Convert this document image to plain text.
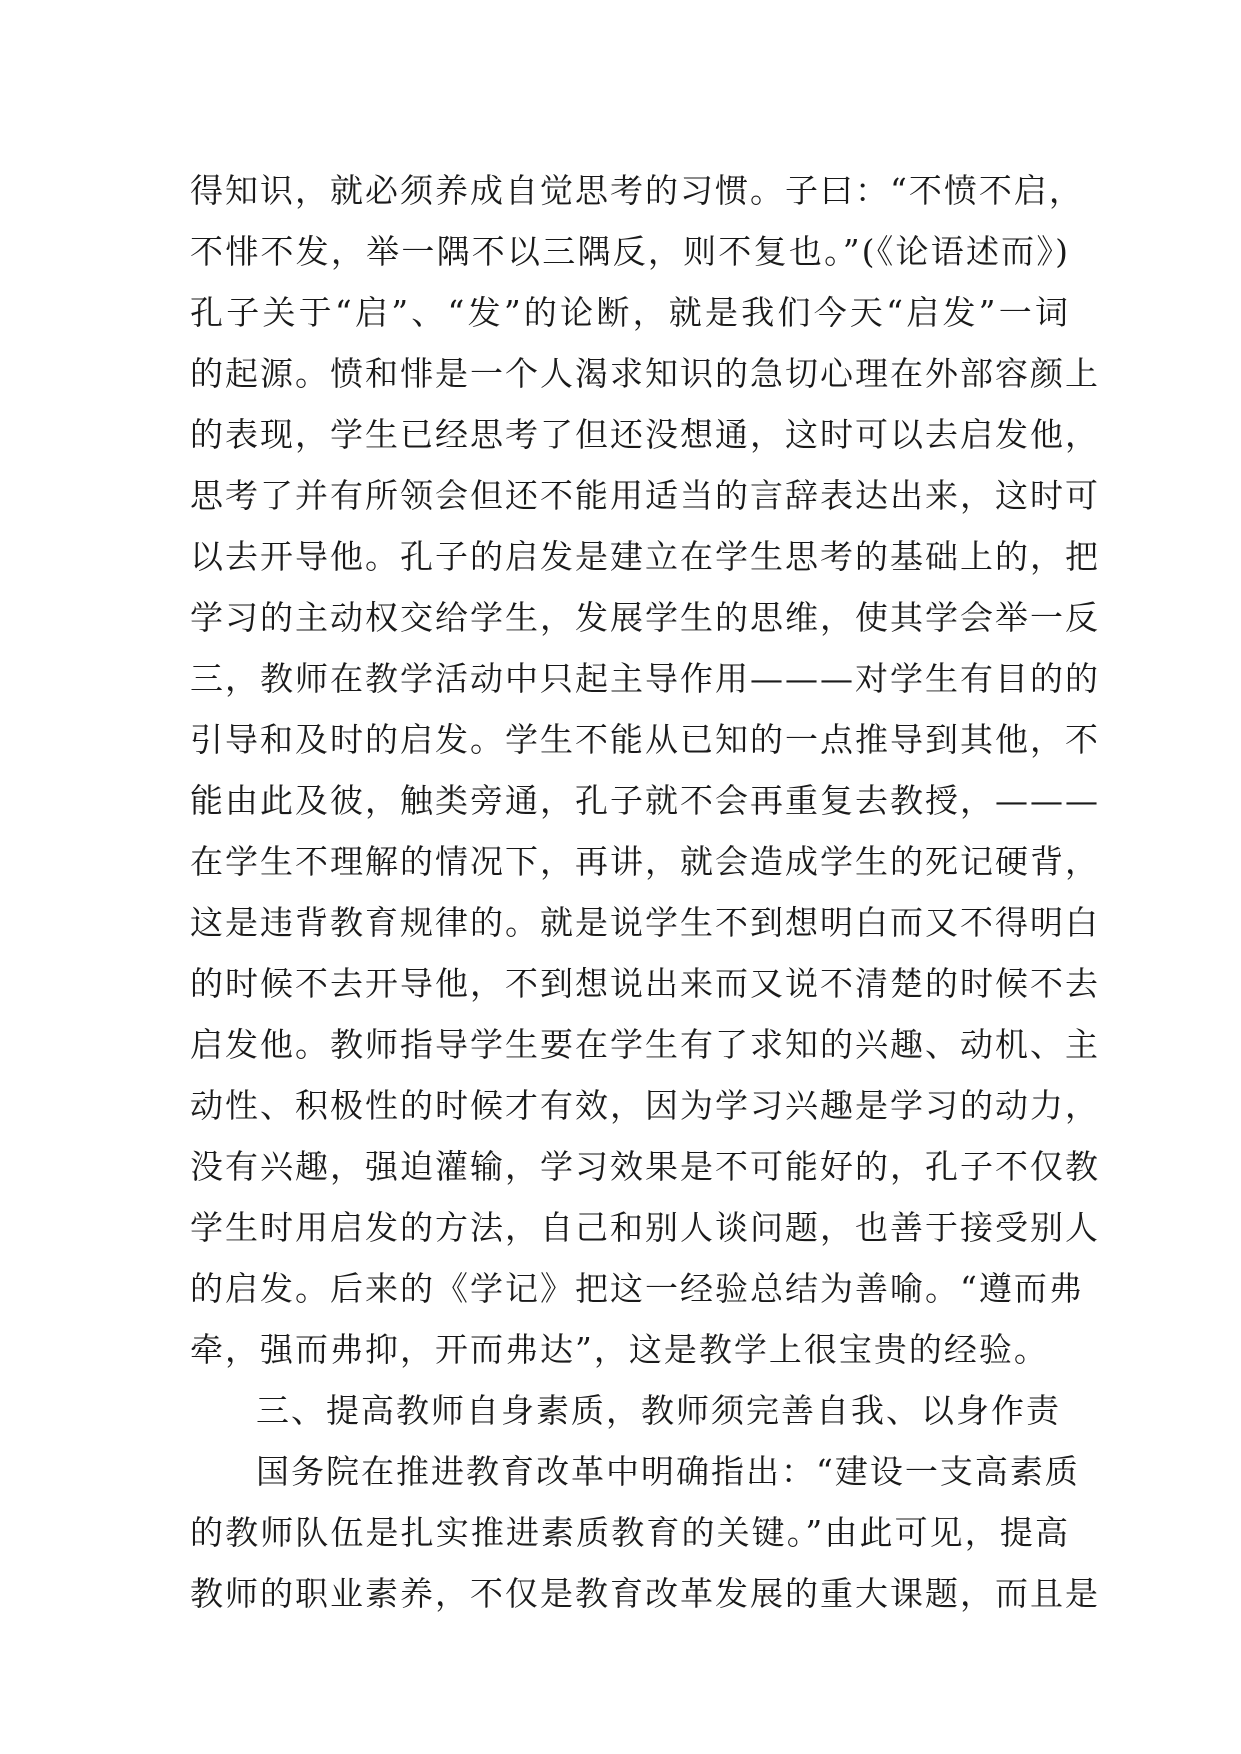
得知识，就必须养成自觉思考的习惯。子曰：“不愤不启，
不悱不发，举一隅不以三隅反，则不复也。”(《论语述而》)
孔子关于“启”、“发”的论断，就是我们今天“启发”一词
的起源。愤和悱是一个人渴求知识的急切心理在外部容颜上
的表现，学生已经思考了但还没想通，这时可以去启发他，
思考了并有所领会但还不能用适当的言辞表达出来，这时可
以去开导他。孔子的启发是建立在学生思考的基础上的，把
学习的主动权交给学生，发展学生的思维，使其学会举一反
三，教师在教学活动中只起主导作用———对学生有目的的
引导和及时的启发。学生不能从已知的一点推导到其他，不
能由此及彼，触类旁通，孔子就不会再重复去教授，———
在学生不理解的情况下，再讲，就会造成学生的死记硬背，
这是违背教育规律的。就是说学生不到想明白而又不得明白
的时候不去开导他，不到想说出来而又说不清楚的时候不去
启发他。教师指导学生要在学生有了求知的兴趣、动机、主
动性、积极性的时候才有效，因为学习兴趣是学习的动力，
没有兴趣，强迫灌输，学习效果是不可能好的，孔子不仅教
学生时用启发的方法，自己和别人谈问题，也善于接受别人
的启发。后来的《学记》把这一经验总结为善喻。“遵而弗
牵，强而弗抑，开而弗达”，这是教学上很宝贵的经验。
三、提高教师自身素质，教师须完善自我、以身作责
国务院在推进教育改革中明确指出：“建设一支高素质
的教师队伍是扎实推进素质教育的关键。”由此可见，提高
教师的职业素养，不仅是教育改革发展的重大课题，而且是
